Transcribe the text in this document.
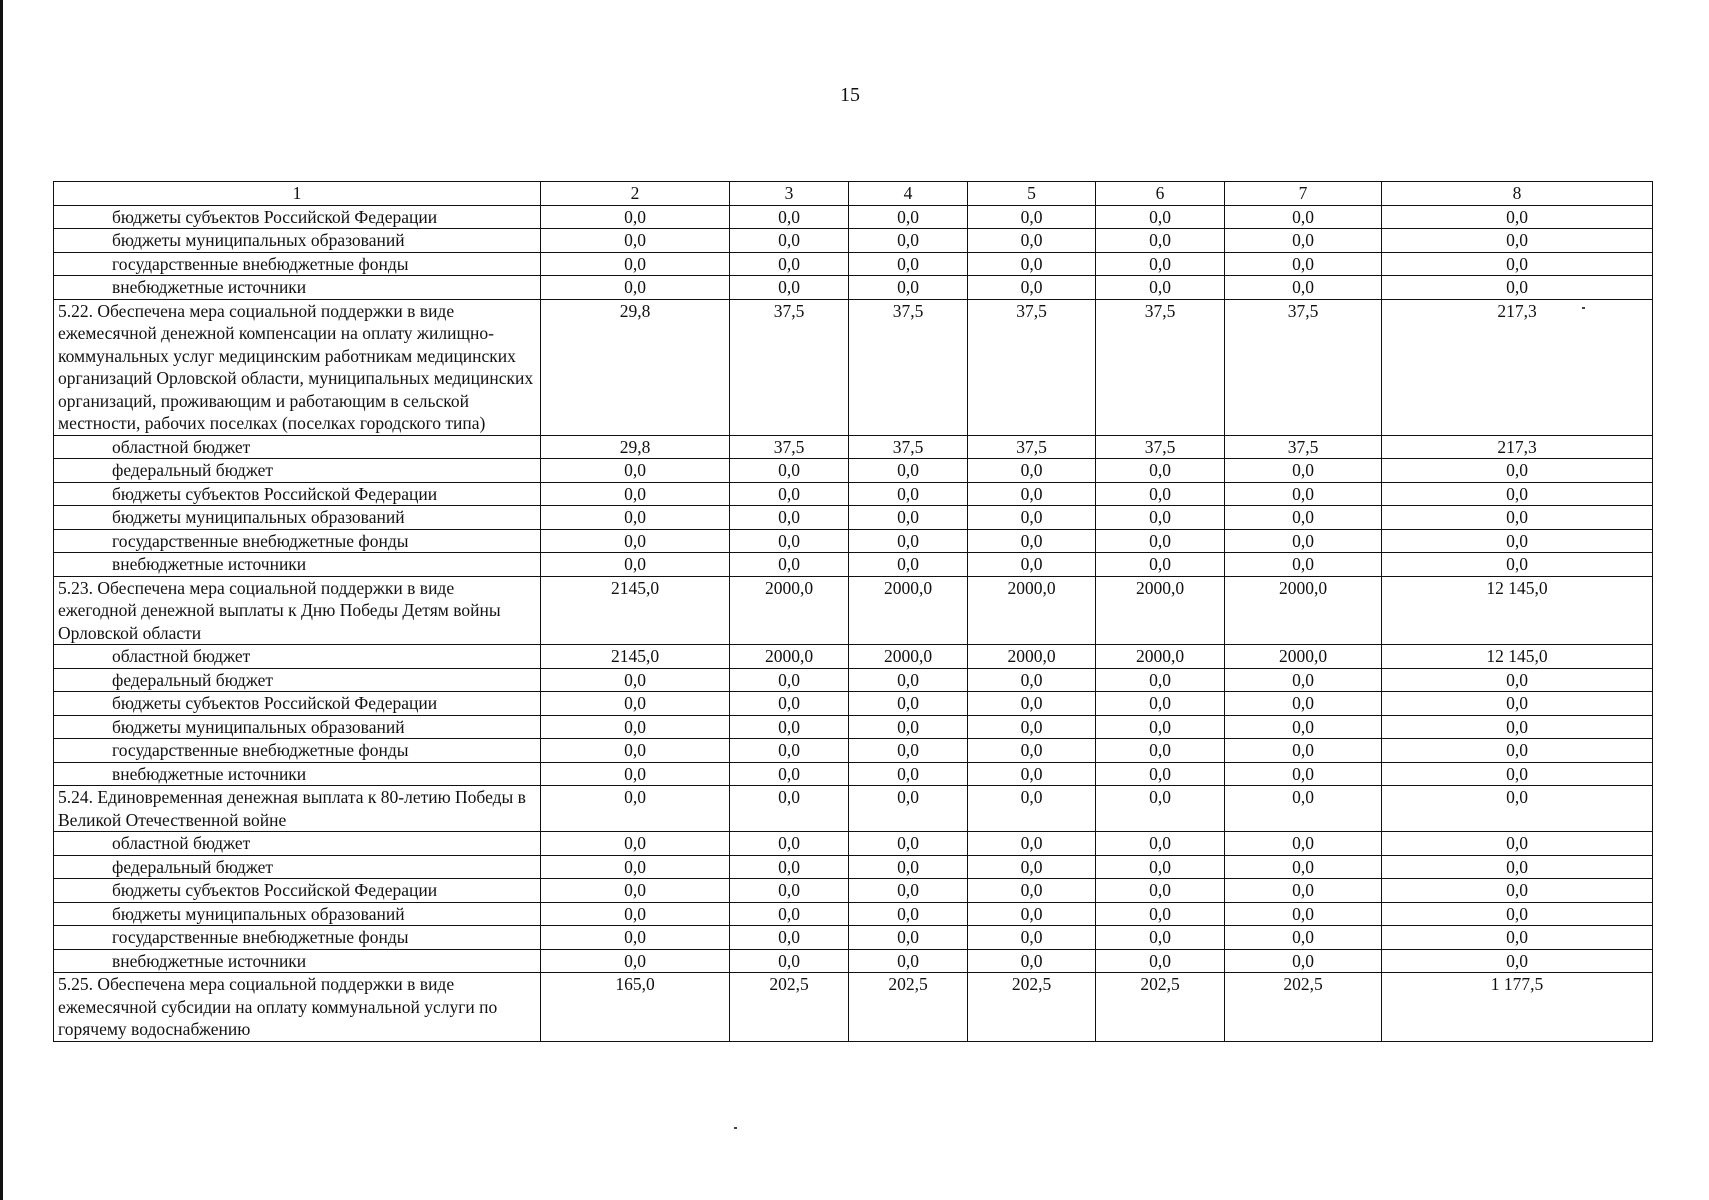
15
1	2	3	4	5	6	7	8
бюджеты субъектов Российской Федерации	0,0	0,0	0,0	0,0	0,0	0,0	0,0
бюджеты муниципальных образований	0,0	0,0	0,0	0,0	0,0	0,0	0,0
государственные внебюджетные фонды	0,0	0,0	0,0	0,0	0,0	0,0	0,0
внебюджетные источники	0,0	0,0	0,0	0,0	0,0	0,0	0,0
5.22. Обеспечена мера социальной поддержки в виде ежемесячной денежной компенсации на оплату жилищно-коммунальных услуг медицинским работникам медицинских организаций Орловской области, муниципальных медицинских организаций, проживающим и работающим в сельской местности, рабочих поселках (поселках городского типа)	29,8	37,5	37,5	37,5	37,5	37,5	217,3
областной бюджет	29,8	37,5	37,5	37,5	37,5	37,5	217,3
федеральный бюджет	0,0	0,0	0,0	0,0	0,0	0,0	0,0
бюджеты субъектов Российской Федерации	0,0	0,0	0,0	0,0	0,0	0,0	0,0
бюджеты муниципальных образований	0,0	0,0	0,0	0,0	0,0	0,0	0,0
государственные внебюджетные фонды	0,0	0,0	0,0	0,0	0,0	0,0	0,0
внебюджетные источники	0,0	0,0	0,0	0,0	0,0	0,0	0,0
5.23. Обеспечена мера социальной поддержки в виде ежегодной денежной выплаты к Дню Победы Детям войны Орловской области	2145,0	2000,0	2000,0	2000,0	2000,0	2000,0	12 145,0
областной бюджет	2145,0	2000,0	2000,0	2000,0	2000,0	2000,0	12 145,0
федеральный бюджет	0,0	0,0	0,0	0,0	0,0	0,0	0,0
бюджеты субъектов Российской Федерации	0,0	0,0	0,0	0,0	0,0	0,0	0,0
бюджеты муниципальных образований	0,0	0,0	0,0	0,0	0,0	0,0	0,0
государственные внебюджетные фонды	0,0	0,0	0,0	0,0	0,0	0,0	0,0
внебюджетные источники	0,0	0,0	0,0	0,0	0,0	0,0	0,0
5.24. Единовременная денежная выплата к 80-летию Победы в Великой Отечественной войне	0,0	0,0	0,0	0,0	0,0	0,0	0,0
областной бюджет	0,0	0,0	0,0	0,0	0,0	0,0	0,0
федеральный бюджет	0,0	0,0	0,0	0,0	0,0	0,0	0,0
бюджеты субъектов Российской Федерации	0,0	0,0	0,0	0,0	0,0	0,0	0,0
бюджеты муниципальных образований	0,0	0,0	0,0	0,0	0,0	0,0	0,0
государственные внебюджетные фонды	0,0	0,0	0,0	0,0	0,0	0,0	0,0
внебюджетные источники	0,0	0,0	0,0	0,0	0,0	0,0	0,0
5.25. Обеспечена мера социальной поддержки в виде ежемесячной субсидии на оплату коммунальной услуги по горячему водоснабжению	165,0	202,5	202,5	202,5	202,5	202,5	1 177,5
